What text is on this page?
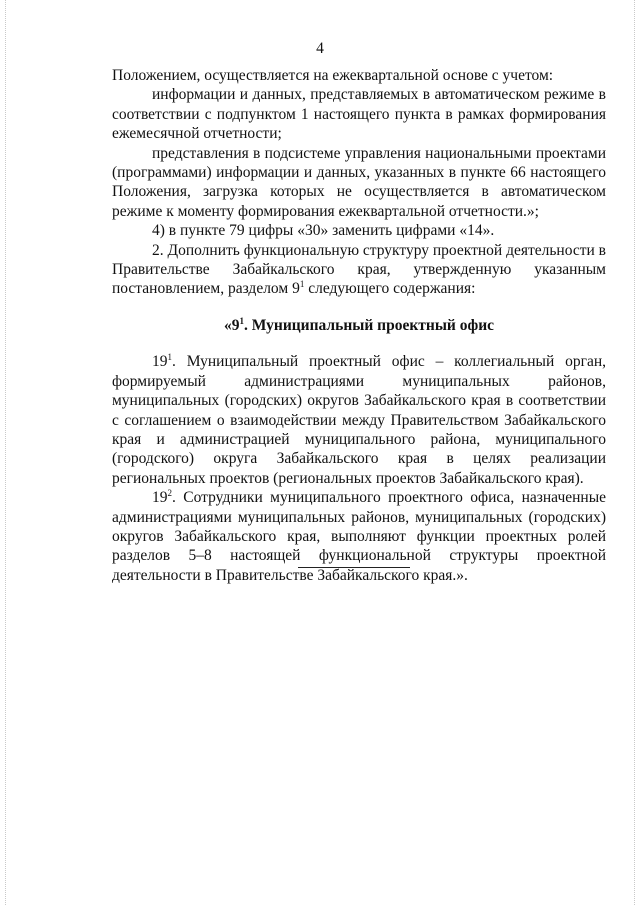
4

Положением, осуществляется на ежеквартальной основе с учетом:

информации и данных, представляемых в автоматическом режиме в соответствии с подпунктом 1 настоящего пункта в рамках формирования ежемесячной отчетности;

представления в подсистеме управления национальными проектами (программами) информации и данных, указанных в пункте 66 настоящего Положения, загрузка которых не осуществляется в автоматическом режиме к моменту формирования ежеквартальной отчетности.»;

4) в пункте 79 цифры «30» заменить цифрами «14».

2. Дополнить функциональную структуру проектной деятельности в Правительстве Забайкальского края, утвержденную указанным постановлением, разделом $9^1$ следующего содержания:

«$9^1$. Муниципальный проектный офис

$19^1$. Муниципальный проектный офис – коллегиальный орган, формируемый администрациями муниципальных районов, муниципальных (городских) округов Забайкальского края в соответствии с соглашением о взаимодействии между Правительством Забайкальского края и администрацией муниципального района, муниципального (городского) округа Забайкальского края в целях реализации региональных проектов (региональных проектов Забайкальского края).

$19^2$. Сотрудники муниципального проектного офиса, назначенные администрациями муниципальных районов, муниципальных (городских) округов Забайкальского края, выполняют функции проектных ролей разделов 5–8 настоящей функциональной структуры проектной деятельности в Правительстве Забайкальского края.».
